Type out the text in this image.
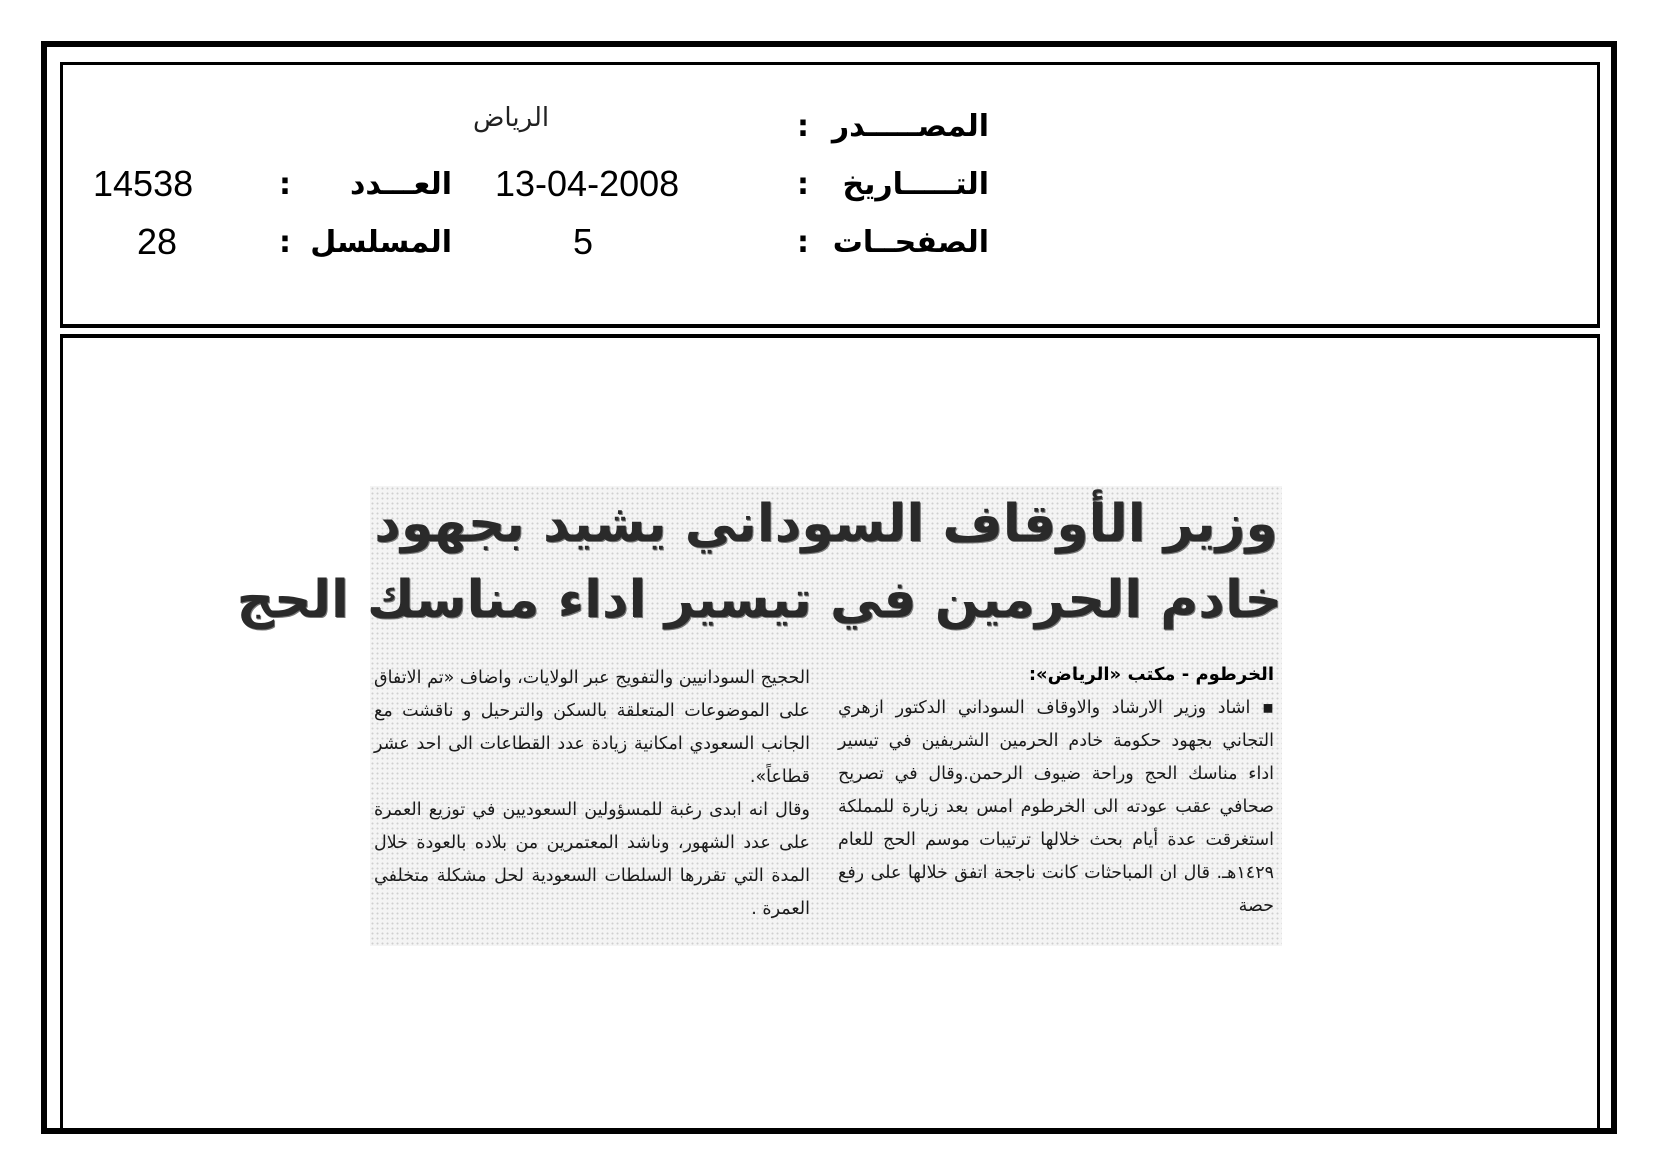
المصـــــدر
:
الرياض
التـــــاريخ
:
13-04-2008
العـــدد
:
14538
الصفحــات
:
5
المسلسل
:
28
وزير الأوقاف السوداني يشيد بجهود
خادم الحرمين في تيسير اداء مناسك الحج
الخرطوم - مكتب «الرياض»:

▪ اشاد وزير الارشاد والاوقاف السوداني الدكتور ازهري التجاني بجهود حكومة خادم الحرمين الشريفين في تيسير اداء مناسك الحج وراحة ضيوف الرحمن.وقال في تصريح صحافي عقب عودته الى الخرطوم امس بعد زيارة للمملكة استغرقت عدة أيام بحث خلالها ترتيبات موسم الحج للعام ١٤٢٩هـ. قال ان المباحثات كانت ناجحة اتفق خلالها على رفع حصة

الحجيج السودانيين والتفويج عبر الولايات، واضاف «تم الاتفاق على الموضوعات المتعلقة بالسكن والترحيل و ناقشت مع الجانب السعودي امكانية زيادة عدد القطاعات الى احد عشر قطاعاً».

وقال انه ابدى رغبة للمسؤولين السعوديين في توزيع العمرة على عدد الشهور، وناشد المعتمرين من بلاده بالعودة خلال المدة التي تقررها السلطات السعودية لحل مشكلة متخلفي العمرة .
